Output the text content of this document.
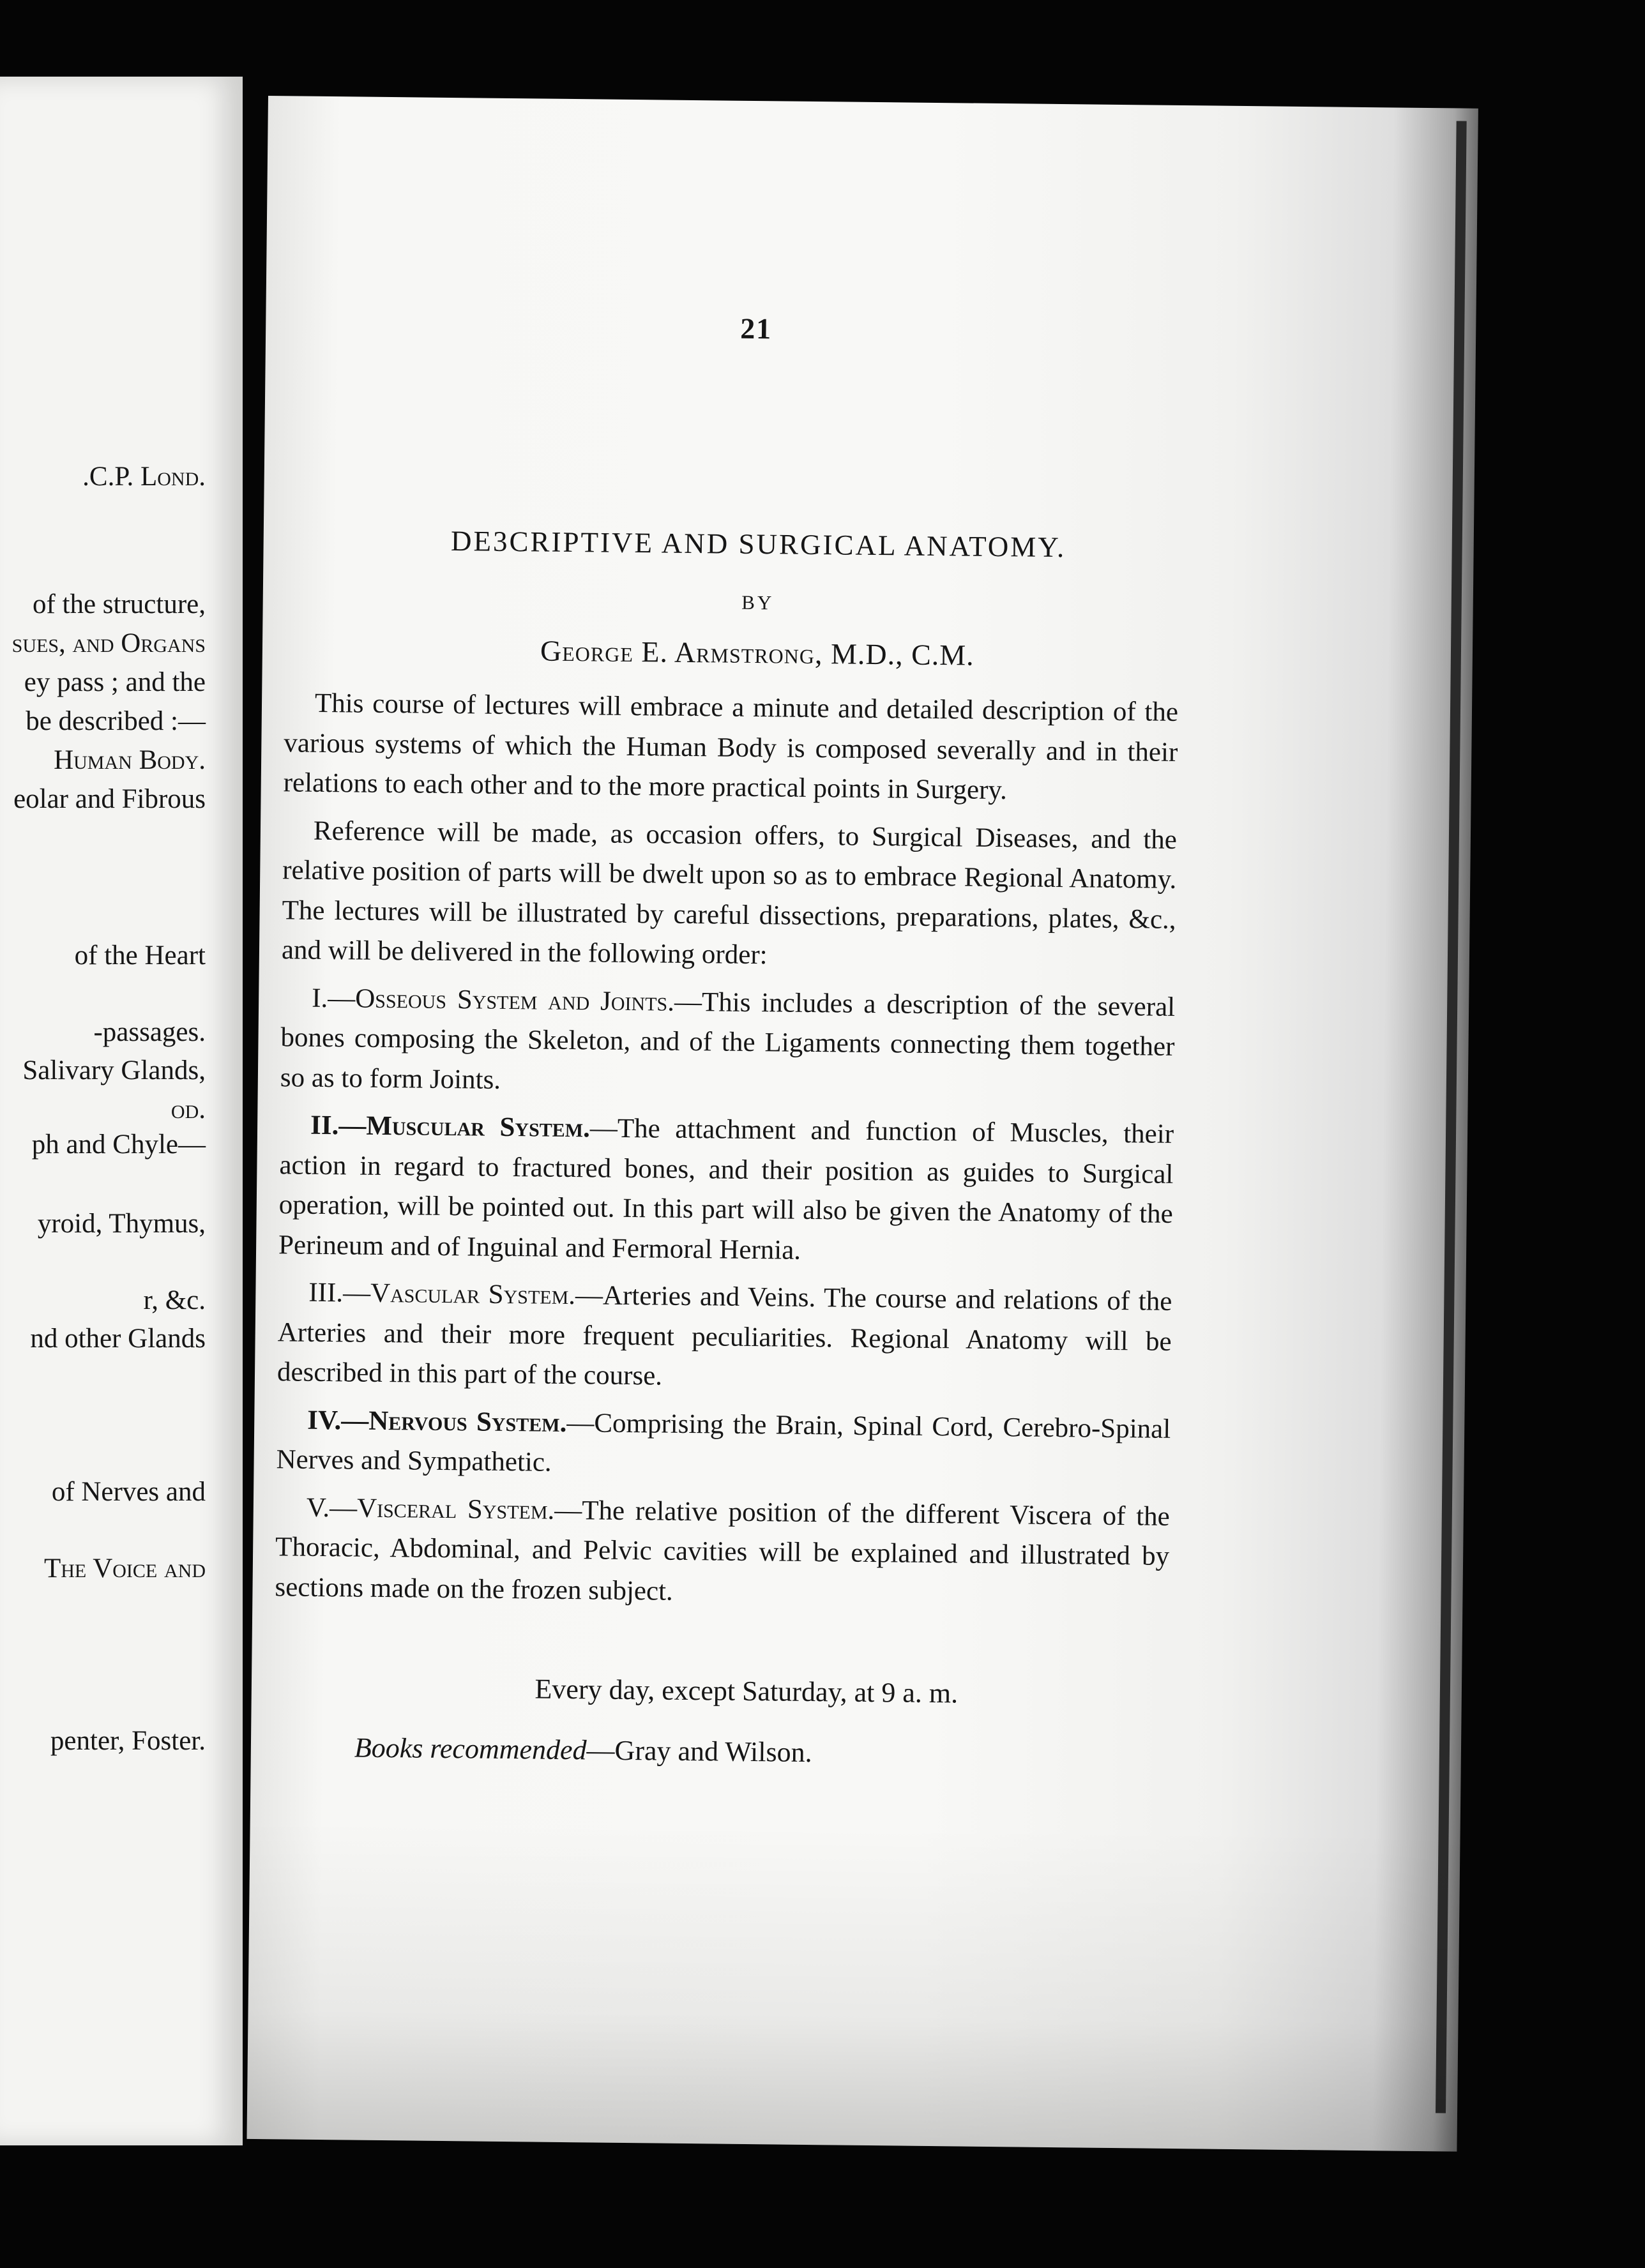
.C.P. Lond.
of the structure,
sues, and Organs
ey pass ; and the
be described :—
Human Body.
eolar and Fibrous
of the Heart
-passages.
Salivary Glands,
od.
ph and Chyle—
yroid, Thymus,
r, &c.
nd other Glands
of Nerves and
The Voice and
penter, Foster.
21
DE3CRIPTIVE AND SURGICAL ANATOMY.
BY
George E. Armstrong, M.D., C.M.

This course of lectures will embrace a minute and detailed description of the various systems of which the Human Body is composed severally and in their relations to each other and to the more practical points in Surgery.

Reference will be made, as occasion offers, to Surgical Diseases, and the relative position of parts will be dwelt upon so as to embrace Regional Anatomy. The lectures will be illustrated by careful dissections, preparations, plates, &c., and will be delivered in the following order:

I.—Osseous System and Joints.—This includes a description of the several bones composing the Skeleton, and of the Ligaments connecting them together so as to form Joints.

II.—Muscular System.—The attachment and function of Muscles, their action in regard to fractured bones, and their position as guides to Surgical operation, will be pointed out. In this part will also be given the Anatomy of the Perineum and of Inguinal and Fermoral Hernia.

III.—Vascular System.—Arteries and Veins. The course and relations of the Arteries and their more frequent peculiarities. Regional Anatomy will be described in this part of the course.

IV.—Nervous System.—Comprising the Brain, Spinal Cord, Cerebro-Spinal Nerves and Sympathetic.

V.—Visceral System.—The relative position of the different Viscera of the Thoracic, Abdominal, and Pelvic cavities will be explained and illustrated by sections made on the frozen subject.

Every day, except Saturday, at 9 a. m.
Books recommended—Gray and Wilson.
